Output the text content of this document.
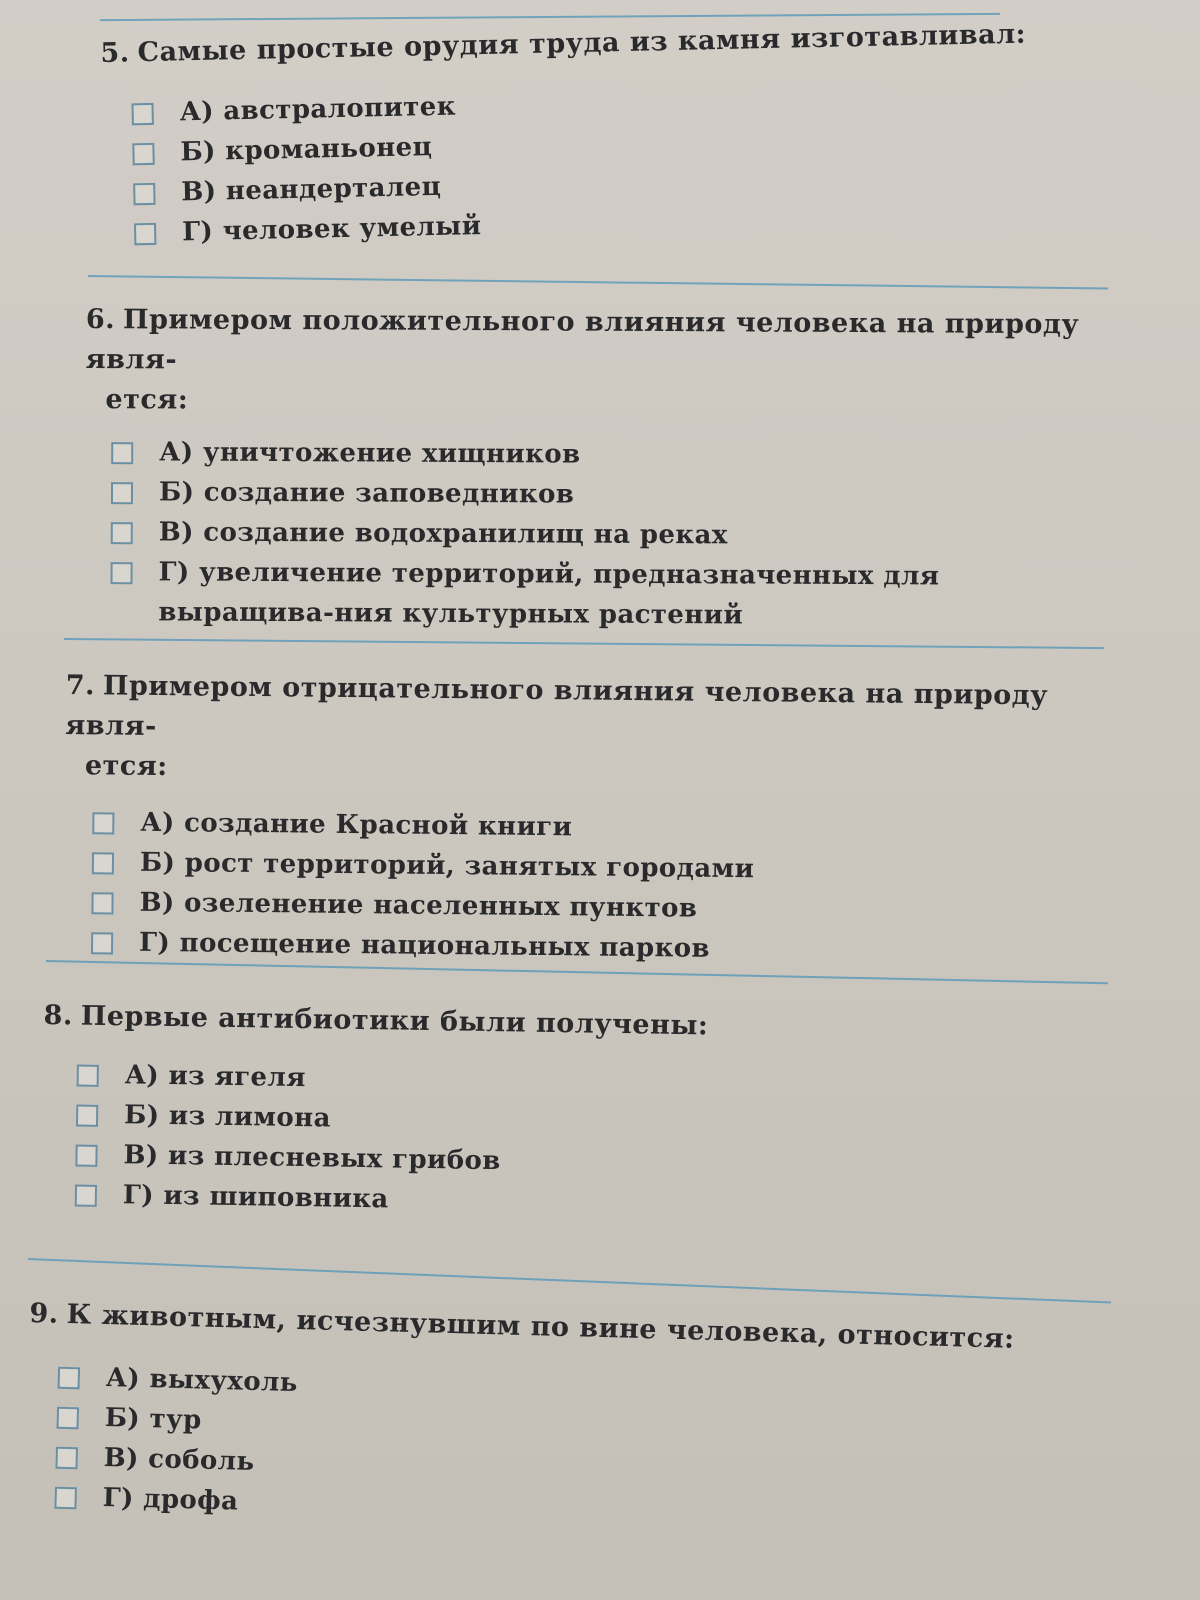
5. Самые простые орудия труда из камня изготавливал:

А) австралопитек
Б) кроманьонец
В) неандерталец
Г) человек умелый

6. Примером положительного влияния человека на природу явля-
ется:

А) уничтожение хищников
Б) создание заповедников
В) создание водохранилищ на реках
Г) увеличение территорий, предназначенных для выращива-ния культурных растений

7. Примером отрицательного влияния человека на природу явля-
ется:

А) создание Красной книги
Б) рост территорий, занятых городами
В) озеленение населенных пунктов
Г) посещение национальных парков

8. Первые антибиотики были получены:

А) из ягеля
Б) из лимона
В) из плесневых грибов
Г) из шиповника

9. К животным, исчезнувшим по вине человека, относится:

А) выхухоль
Б) тур
В) соболь
Г) дрофа
